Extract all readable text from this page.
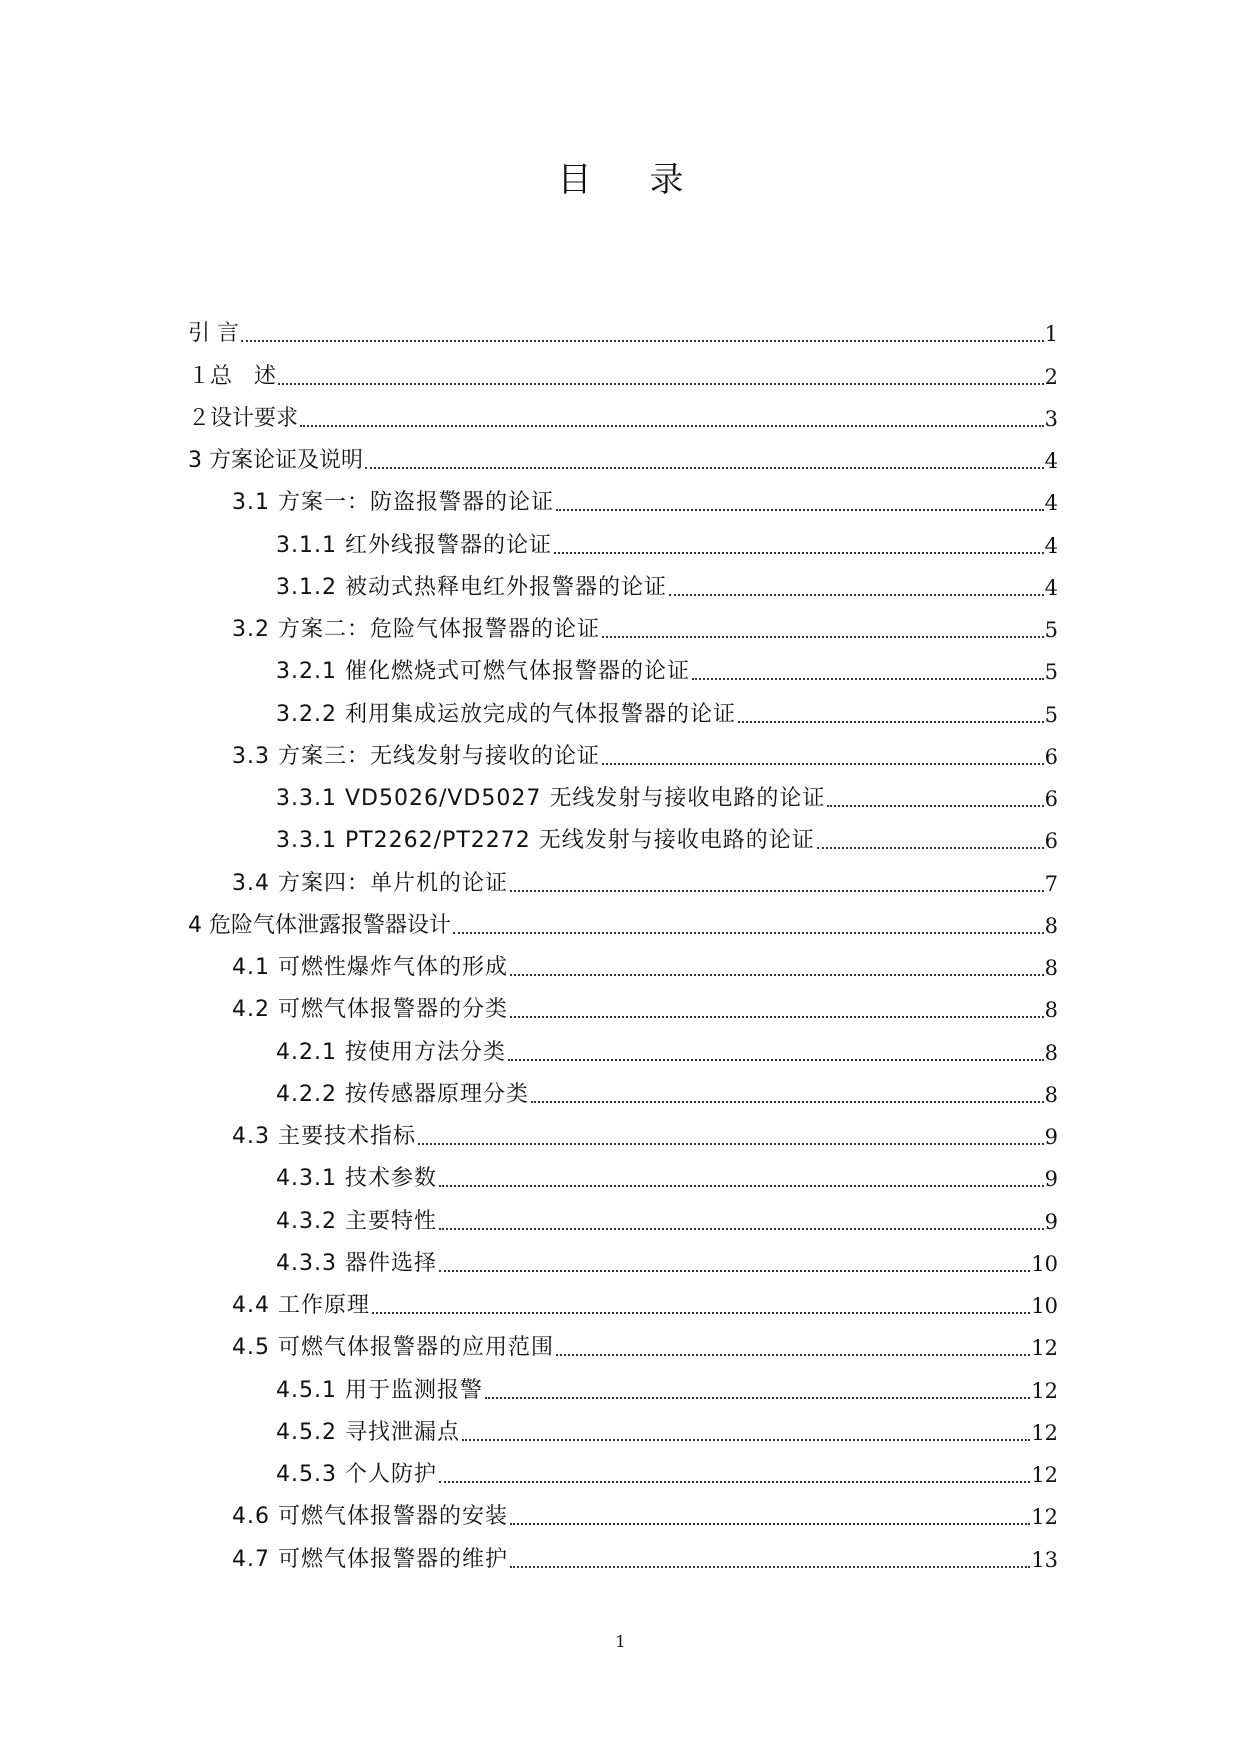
目录
引 言	1
１总　述	2
２设计要求	3
3 方案论证及说明	4
3.1 方案一：防盗报警器的论证	4
3.1.1 红外线报警器的论证	4
3.1.2 被动式热释电红外报警器的论证	4
3.2 方案二：危险气体报警器的论证	5
3.2.1 催化燃烧式可燃气体报警器的论证	5
3.2.2 利用集成运放完成的气体报警器的论证	5
3.3 方案三：无线发射与接收的论证	6
3.3.1 VD5026/VD5027 无线发射与接收电路的论证	6
3.3.1 PT2262/PT2272 无线发射与接收电路的论证	6
3.4 方案四：单片机的论证	7
4 危险气体泄露报警器设计	8
4.1 可燃性爆炸气体的形成	8
4.2 可燃气体报警器的分类	8
4.2.1 按使用方法分类	8
4.2.2 按传感器原理分类	8
4.3 主要技术指标	9
4.3.1 技术参数	9
4.3.2 主要特性	9
4.3.3 器件选择	10
4.4 工作原理	10
4.5 可燃气体报警器的应用范围	12
4.5.1 用于监测报警	12
4.5.2 寻找泄漏点	12
4.5.3 个人防护	12
4.6 可燃气体报警器的安装	12
4.7 可燃气体报警器的维护	13
1
